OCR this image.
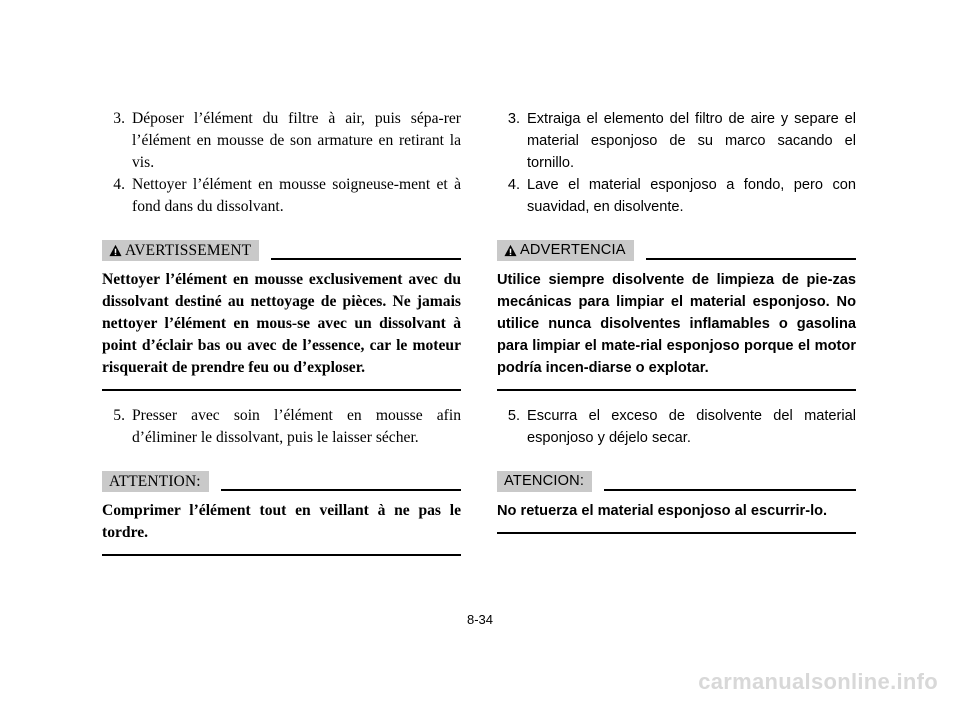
3. Déposer l’élément du filtre à air, puis sépa-rer l’élément en mousse de son armature en retirant la vis.
4. Nettoyer l’élément en mousse soigneuse-ment et à fond dans du dissolvant.
AVERTISSEMENT
Nettoyer l’élément en mousse exclusivement avec du dissolvant destiné au nettoyage de pièces. Ne jamais nettoyer l’élément en mous-se avec un dissolvant à point d’éclair bas ou avec de l’essence, car le moteur risquerait de prendre feu ou d’exploser.
5. Presser avec soin l’élément en mousse afin d’éliminer le dissolvant, puis le laisser sécher.
ATTENTION:
Comprimer l’élément tout en veillant à ne pas le tordre.
3. Extraiga el elemento del filtro de aire y separe el material esponjoso de su marco sacando el tornillo.
4. Lave el material esponjoso a fondo, pero con suavidad, en disolvente.
ADVERTENCIA
Utilice siempre disolvente de limpieza de pie-zas mecánicas para limpiar el material esponjoso. No utilice nunca disolventes inflamables o gasolina para limpiar el mate-rial esponjoso porque el motor podría incen-diarse o explotar.
5. Escurra el exceso de disolvente del material esponjoso y déjelo secar.
ATENCION:
No retuerza el material esponjoso al escurrir-lo.
8-34
carmanualsonline.info
